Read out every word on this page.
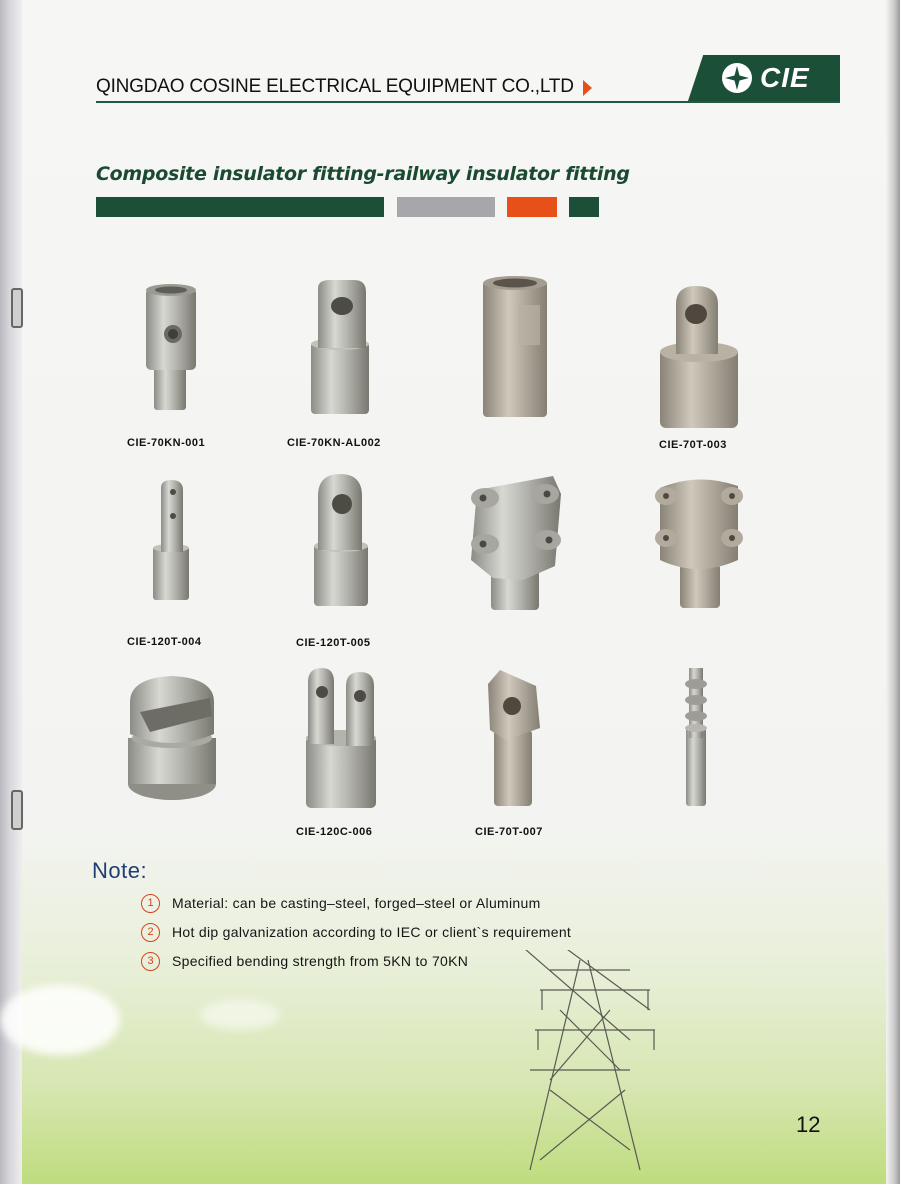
QINGDAO COSINE ELECTRICAL EQUIPMENT CO.,LTD	CIE
Composite insulator fitting-railway insulator fitting
CIE-70KN-001	CIE-70KN-AL002	CIE-70T-003
CIE-120T-004	CIE-120T-005
CIE-120C-006	CIE-70T-007
Note:
1	Material: can be casting–steel, forged–steel or Aluminum
2	Hot dip galvanization according to IEC or client`s requirement
3	Specified bending strength from 5KN to 70KN
12
